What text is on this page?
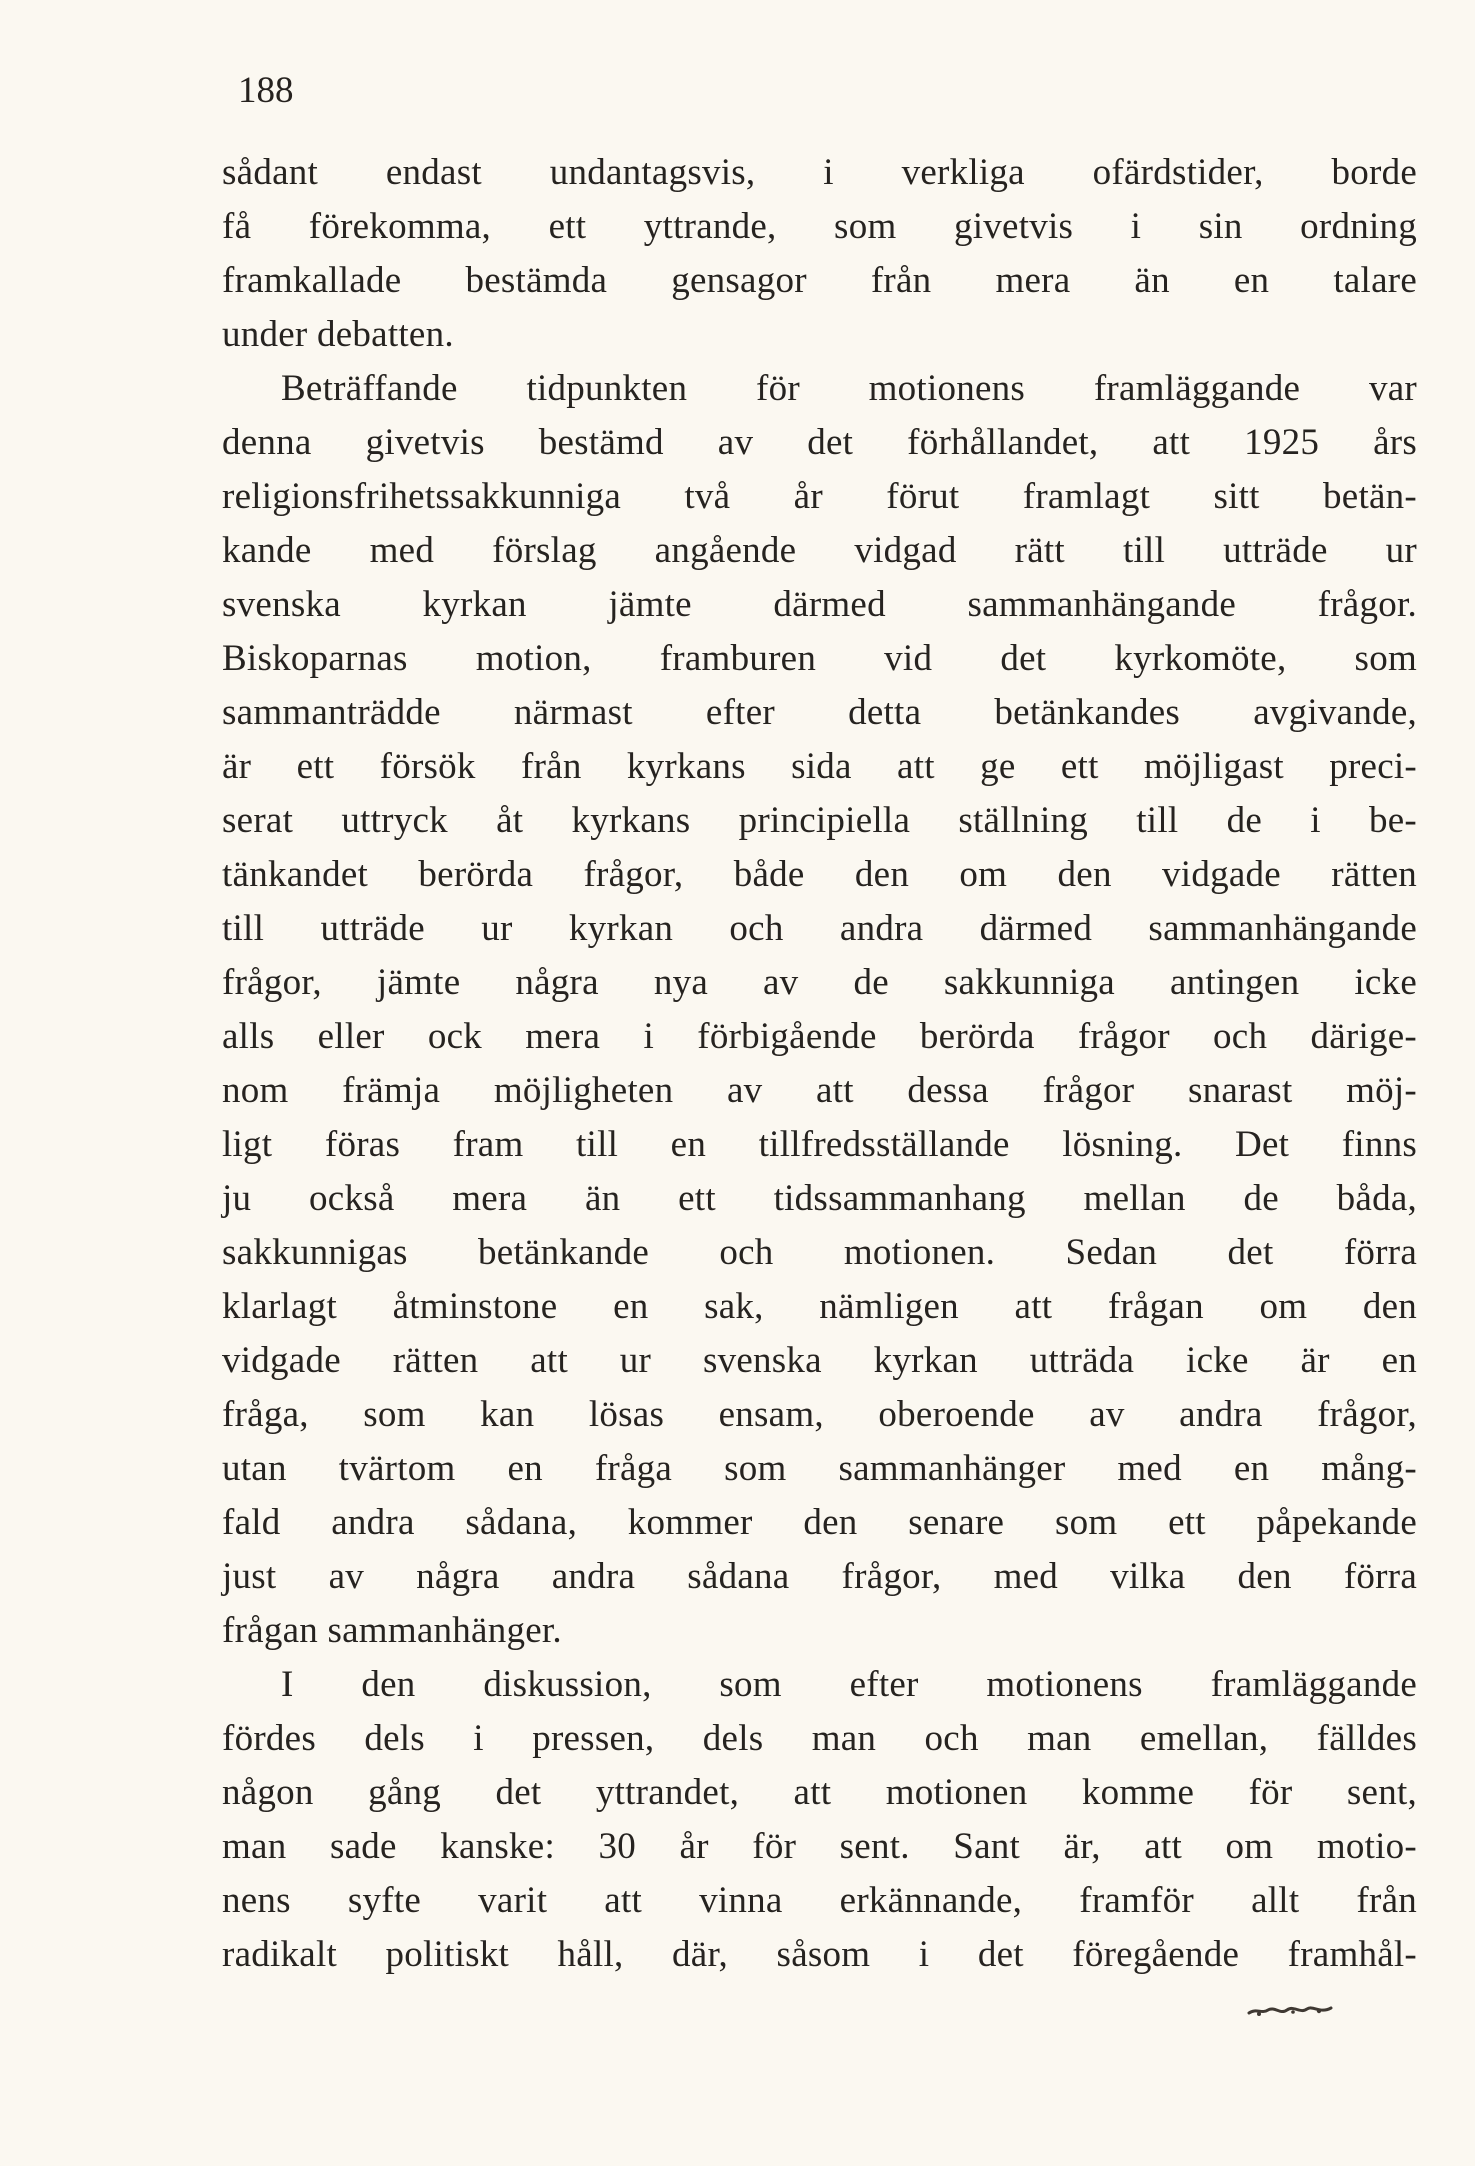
188
sådant endast undantagsvis, i verkliga ofärdstider, borde
få förekomma, ett yttrande, som givetvis i sin ordning
framkallade bestämda gensagor från mera än en talare
under debatten.
Beträffande tidpunkten för motionens framläggande var
denna givetvis bestämd av det förhållandet, att 1925 års
religionsfrihetssakkunniga två år förut framlagt sitt betän-
kande med förslag angående vidgad rätt till utträde ur
svenska kyrkan jämte därmed sammanhängande frågor.
Biskoparnas motion, framburen vid det kyrkomöte, som
sammanträdde närmast efter detta betänkandes avgivande,
är ett försök från kyrkans sida att ge ett möjligast preci-
serat uttryck åt kyrkans principiella ställning till de i be-
tänkandet berörda frågor, både den om den vidgade rätten
till utträde ur kyrkan och andra därmed sammanhängande
frågor, jämte några nya av de sakkunniga antingen icke
alls eller ock mera i förbigående berörda frågor och därige-
nom främja möjligheten av att dessa frågor snarast möj-
ligt föras fram till en tillfredsställande lösning. Det finns
ju också mera än ett tidssammanhang mellan de båda,
sakkunnigas betänkande och motionen. Sedan det förra
klarlagt åtminstone en sak, nämligen att frågan om den
vidgade rätten att ur svenska kyrkan utträda icke är en
fråga, som kan lösas ensam, oberoende av andra frågor,
utan tvärtom en fråga som sammanhänger med en mång-
fald andra sådana, kommer den senare som ett påpekande
just av några andra sådana frågor, med vilka den förra
frågan sammanhänger.
I den diskussion, som efter motionens framläggande
fördes dels i pressen, dels man och man emellan, fälldes
någon gång det yttrandet, att motionen komme för sent,
man sade kanske: 30 år för sent. Sant är, att om motio-
nens syfte varit att vinna erkännande, framför allt från
radikalt politiskt håll, där, såsom i det föregående framhål-
